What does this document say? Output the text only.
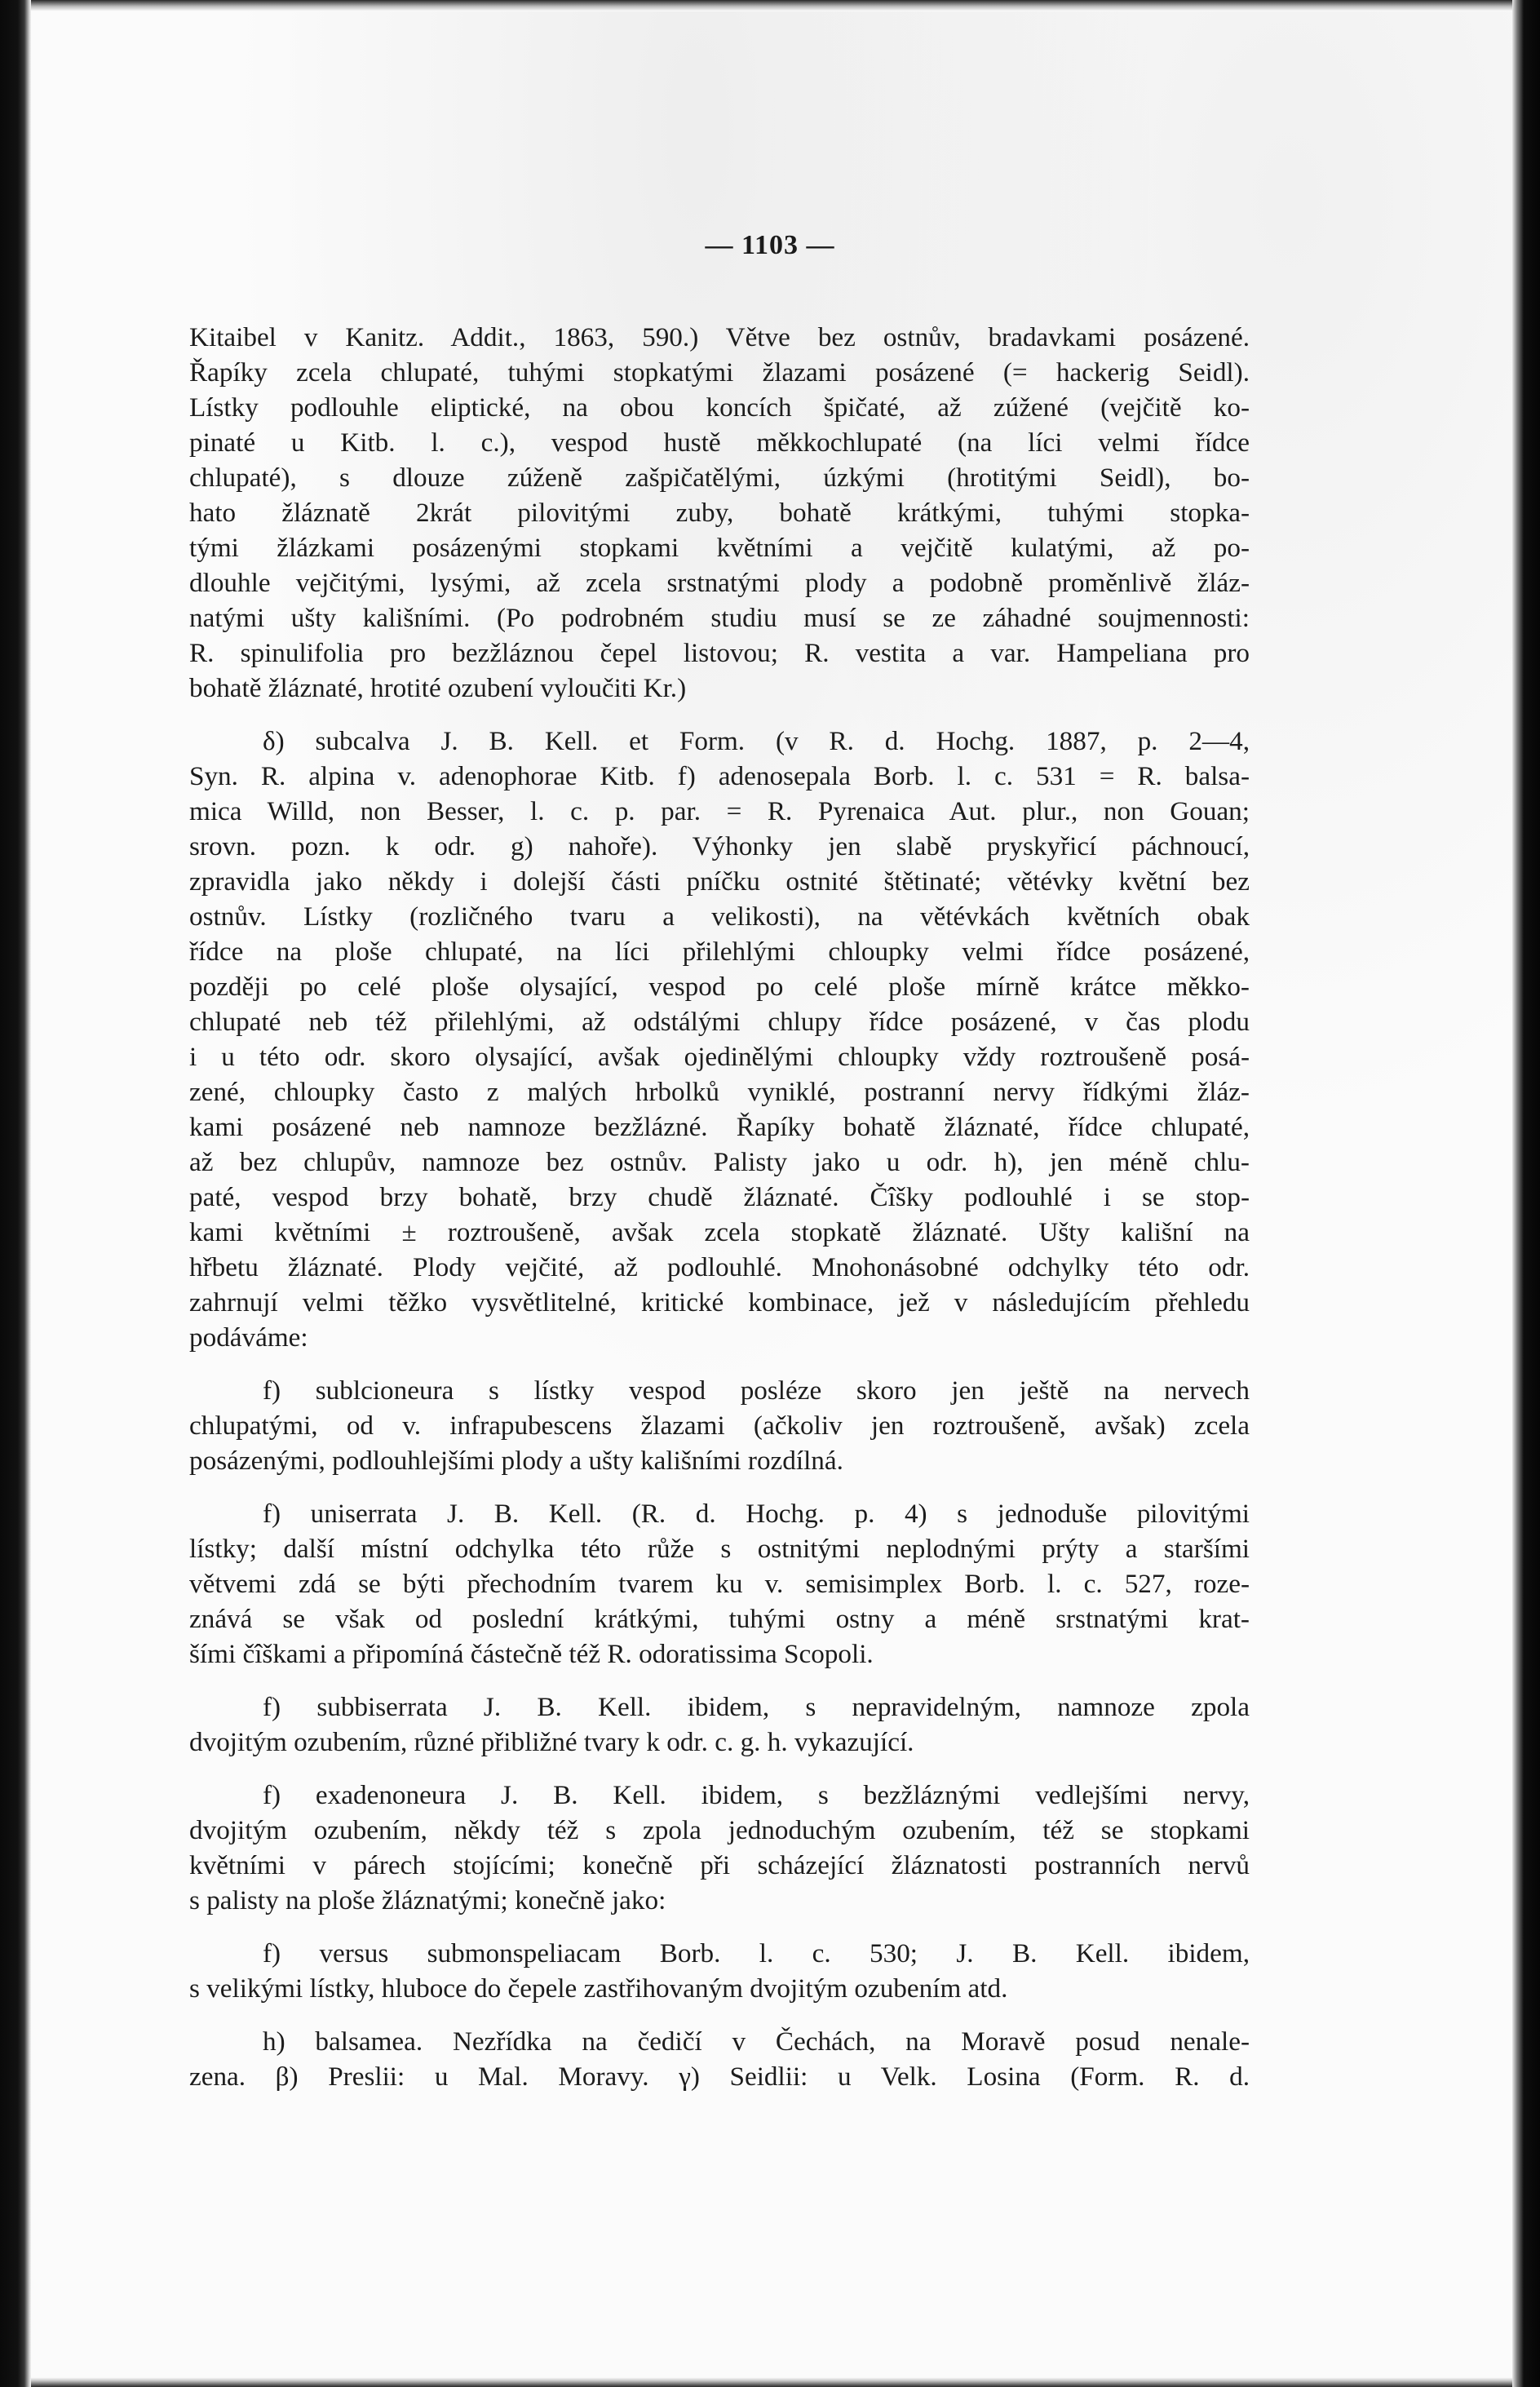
— 1103 —
Kitaibel v Kanitz. Addit., 1863, 590.) Větve bez ostnův, bradavkami posázené.
Řapíky zcela chlupaté, tuhými stopkatými žlazami posázené (= hackerig Seidl).
Lístky podlouhle eliptické, na obou koncích špičaté, až zúžené (vejčitě ko-
pinaté u Kitb. l. c.), vespod hustě měkkochlupaté (na líci velmi řídce
chlupaté), s dlouze zúženě zašpičatělými, úzkými (hrotitými Seidl), bo-
hato žláznatě 2krát pilovitými zuby, bohatě krátkými, tuhými stopka-
tými žlázkami posázenými stopkami květními a vejčitě kulatými, až po-
dlouhle vejčitými, lysými, až zcela srstnatými plody a podobně proměnlivě žláz-
natými ušty kališními. (Po podrobném studiu musí se ze záhadné soujmennosti:
R. spinulifolia pro bezžláznou čepel listovou; R. vestita a var. Hampeliana pro
bohatě žláznaté, hrotité ozubení vyloučiti Kr.)
δ) subcalva J. B. Kell. et Form. (v R. d. Hochg. 1887, p. 2—4,
Syn. R. alpina v. adenophorae Kitb. f) adenosepala Borb. l. c. 531 = R. balsa-
mica Willd, non Besser, l. c. p. par. = R. Pyrenaica Aut. plur., non Gouan;
srovn. pozn. k odr. g) nahoře). Výhonky jen slabě pryskyřicí páchnoucí,
zpravidla jako někdy i dolejší části pníčku ostnité štětinaté; větévky květní bez
ostnův. Lístky (rozličného tvaru a velikosti), na větévkách květních obak
řídce na ploše chlupaté, na líci přilehlými chloupky velmi řídce posázené,
později po celé ploše olysající, vespod po celé ploše mírně krátce měkko-
chlupaté neb též přilehlými, až odstálými chlupy řídce posázené, v čas plodu
i u této odr. skoro olysající, avšak ojedinělými chloupky vždy roztroušeně posá-
zené, chloupky často z malých hrbolků vyniklé, postranní nervy řídkými žláz-
kami posázené neb namnoze bezžlázné. Řapíky bohatě žláznaté, řídce chlupaté,
až bez chlupův, namnoze bez ostnův. Palisty jako u odr. h), jen méně chlu-
paté, vespod brzy bohatě, brzy chudě žláznaté. Čîšky podlouhlé i se stop-
kami květními ± roztroušeně, avšak zcela stopkatě žláznaté. Ušty kališní na
hřbetu žláznaté. Plody vejčité, až podlouhlé. Mnohonásobné odchylky této odr.
zahrnují velmi těžko vysvětlitelné, kritické kombinace, jež v následujícím přehledu
podáváme:
f) sublcioneura s lístky vespod posléze skoro jen ještě na nervech
chlupatými, od v. infrapubescens žlazami (ačkoliv jen roztroušeně, avšak) zcela
posázenými, podlouhlejšími plody a ušty kališními rozdílná.
f) uniserrata J. B. Kell. (R. d. Hochg. p. 4) s jednoduše pilovitými
lístky; další místní odchylka této růže s ostnitými neplodnými prýty a staršími
větvemi zdá se býti přechodním tvarem ku v. semisimplex Borb. l. c. 527, roze-
znává se však od poslední krátkými, tuhými ostny a méně srstnatými krat-
šími čîškami a připomíná částečně též R. odoratissima Scopoli.
f) subbiserrata J. B. Kell. ibidem, s nepravidelným, namnoze zpola
dvojitým ozubením, různé přibližné tvary k odr. c. g. h. vykazující.
f) exadenoneura J. B. Kell. ibidem, s bezžláznými vedlejšími nervy,
dvojitým ozubením, někdy též s zpola jednoduchým ozubením, též se stopkami
květními v párech stojícími; konečně při scházející žláznatosti postranních nervů
s palisty na ploše žláznatými; konečně jako:
f) versus submonspeliacam Borb. l. c. 530; J. B. Kell. ibidem,
s velikými lístky, hluboce do čepele zastřihovaným dvojitým ozubením atd.
h) balsamea. Nezřídka na čedičí v Čechách, na Moravě posud nenale-
zena. β) Preslii: u Mal. Moravy. γ) Seidlii: u Velk. Losina (Form. R. d.
